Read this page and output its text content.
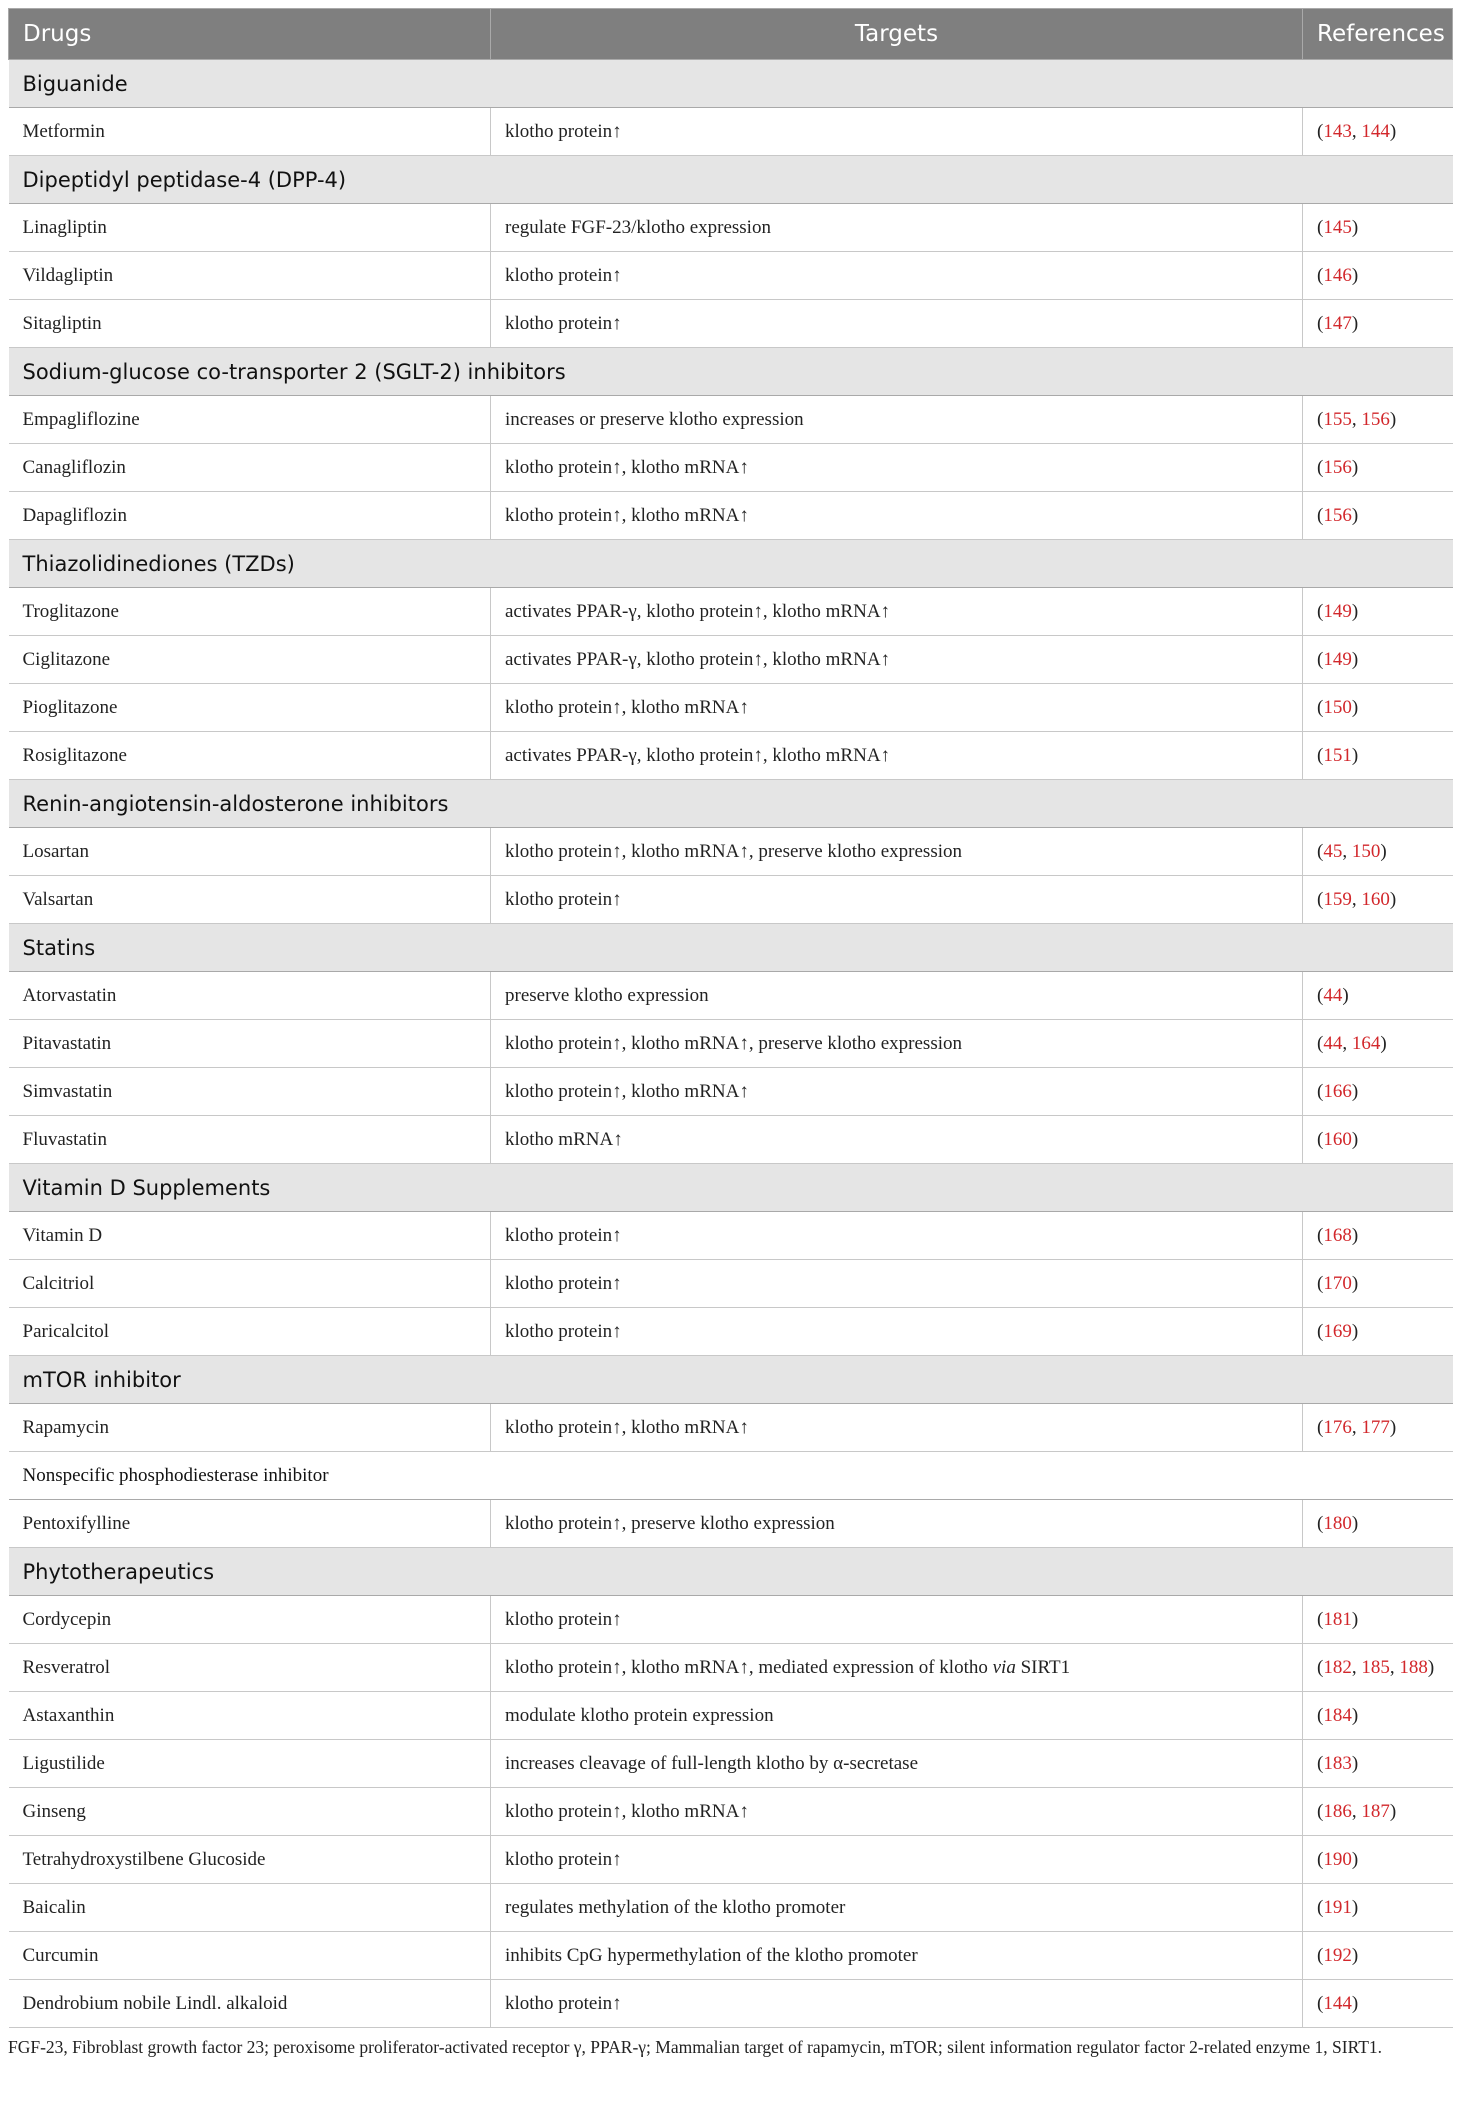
Drugs	Targets	References
Biguanide		
Metformin	klotho protein↑	(143, 144)
Dipeptidyl peptidase-4 (DPP-4)		
Linagliptin	regulate FGF-23/klotho expression	(145)
Vildagliptin	klotho protein↑	(146)
Sitagliptin	klotho protein↑	(147)
Sodium-glucose co-transporter 2 (SGLT-2) inhibitors		
Empagliflozine	increases or preserve klotho expression	(155, 156)
Canagliflozin	klotho protein↑, klotho mRNA↑	(156)
Dapagliflozin	klotho protein↑, klotho mRNA↑	(156)
Thiazolidinediones (TZDs)		
Troglitazone	activates PPAR-γ, klotho protein↑, klotho mRNA↑	(149)
Ciglitazone	activates PPAR-γ, klotho protein↑, klotho mRNA↑	(149)
Pioglitazone	klotho protein↑, klotho mRNA↑	(150)
Rosiglitazone	activates PPAR-γ, klotho protein↑, klotho mRNA↑	(151)
Renin-angiotensin-aldosterone inhibitors		
Losartan	klotho protein↑, klotho mRNA↑, preserve klotho expression	(45, 150)
Valsartan	klotho protein↑	(159, 160)
Statins		
Atorvastatin	preserve klotho expression	(44)
Pitavastatin	klotho protein↑, klotho mRNA↑, preserve klotho expression	(44, 164)
Simvastatin	klotho protein↑, klotho mRNA↑	(166)
Fluvastatin	klotho mRNA↑	(160)
Vitamin D Supplements		
Vitamin D	klotho protein↑	(168)
Calcitriol	klotho protein↑	(170)
Paricalcitol	klotho protein↑	(169)
mTOR inhibitor		
Rapamycin	klotho protein↑, klotho mRNA↑	(176, 177)
Nonspecific phosphodiesterase inhibitor		
Pentoxifylline	klotho protein↑, preserve klotho expression	(180)
Phytotherapeutics		
Cordycepin	klotho protein↑	(181)
Resveratrol	klotho protein↑, klotho mRNA↑, mediated expression of klotho via SIRT1	(182, 185, 188)
Astaxanthin	modulate klotho protein expression	(184)
Ligustilide	increases cleavage of full-length klotho by α-secretase	(183)
Ginseng	klotho protein↑, klotho mRNA↑	(186, 187)
Tetrahydroxystilbene Glucoside	klotho protein↑	(190)
Baicalin	regulates methylation of the klotho promoter	(191)
Curcumin	inhibits CpG hypermethylation of the klotho promoter	(192)
Dendrobium nobile Lindl. alkaloid	klotho protein↑	(144)
FGF-23, Fibroblast growth factor 23; peroxisome proliferator-activated receptor γ, PPAR-γ; Mammalian target of rapamycin, mTOR; silent information regulator factor 2-related enzyme 1, SIRT1.
